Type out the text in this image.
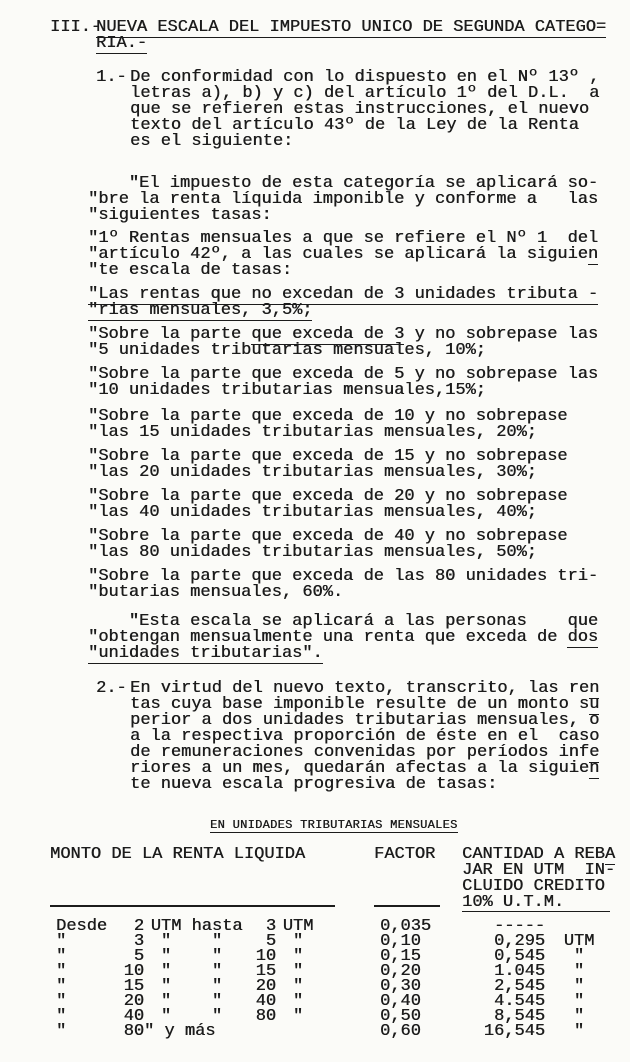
III.-
NUEVA ESCALA DEL IMPUESTO UNICO DE SEGUNDA CATEGO=
RIA.-
1.- De conformidad con lo dispuesto en el Nº 13º ,
letras a), b) y c) del artículo 1º del D.L.  a
que se refieren estas instrucciones, el nuevo
texto del artículo 43º de la Ley de la Renta
es el siguiente:
"El impuesto de esta categoría se aplicará so-
"bre la renta líquida imponible y conforme a   las
"siguientes tasas:
"1º Rentas mensuales a que se refiere el Nº 1  del
"artículo 42º, a las cuales se aplicará la siguien
"te escala de tasas:
"Las rentas que no excedan de 3 unidades tributa -
"rias mensuales, 3,5%;
"Sobre la parte que exceda de 3 y no sobrepase las
"5 unidades tributarias mensuales, 10%;
"Sobre la parte que exceda de 5 y no sobrepase las
"10 unidades tributarias mensuales,15%;
"Sobre la parte que exceda de 10 y no sobrepase
"las 15 unidades tributarias mensuales, 20%;
"Sobre la parte que exceda de 15 y no sobrepase
"las 20 unidades tributarias mensuales, 30%;
"Sobre la parte que exceda de 20 y no sobrepase
"las 40 unidades tributarias mensuales, 40%;
"Sobre la parte que exceda de 40 y no sobrepase
"las 80 unidades tributarias mensuales, 50%;
"Sobre la parte que exceda de las 80 unidades tri-
"butarias mensuales, 60%.
"Esta escala se aplicará a las personas    que
"obtengan mensualmente una renta que exceda de dos
"unidades tributarias".
2.- En virtud del nuevo texto, transcrito, las ren
tas cuya base imponible resulte de un monto su
perior a dos unidades tributarias mensuales, o
a la respectiva proporción de éste en el  caso
de remuneraciones convenidas por períodos infe
riores a un mes, quedarán afectas a la siguien
te nueva escala progresiva de tasas:
EN UNIDADES TRIBUTARIAS MENSUALES
MONTO DE LA RENTA LIQUIDA	FACTOR	CANTIDAD A REBA
JAR EN UTM  IN-
CLUIDO CREDITO
10% U.T.M.
Desde	2 UTM hasta	3 UTM	0,035	-----
"	3 "	"	5 "	0,10	0,295	UTM
"	5 "	"	10 "	0,15	0,545	"
"	10 "	"	15 "	0,20	1.045	"
"	15 "	"	20 "	0,30	2,545	"
"	20 "	"	40 "	0,40	4.545	"
"	40 "	"	80 "	0,50	8,545	"
"	80 " y más	0,60	16,545	"
